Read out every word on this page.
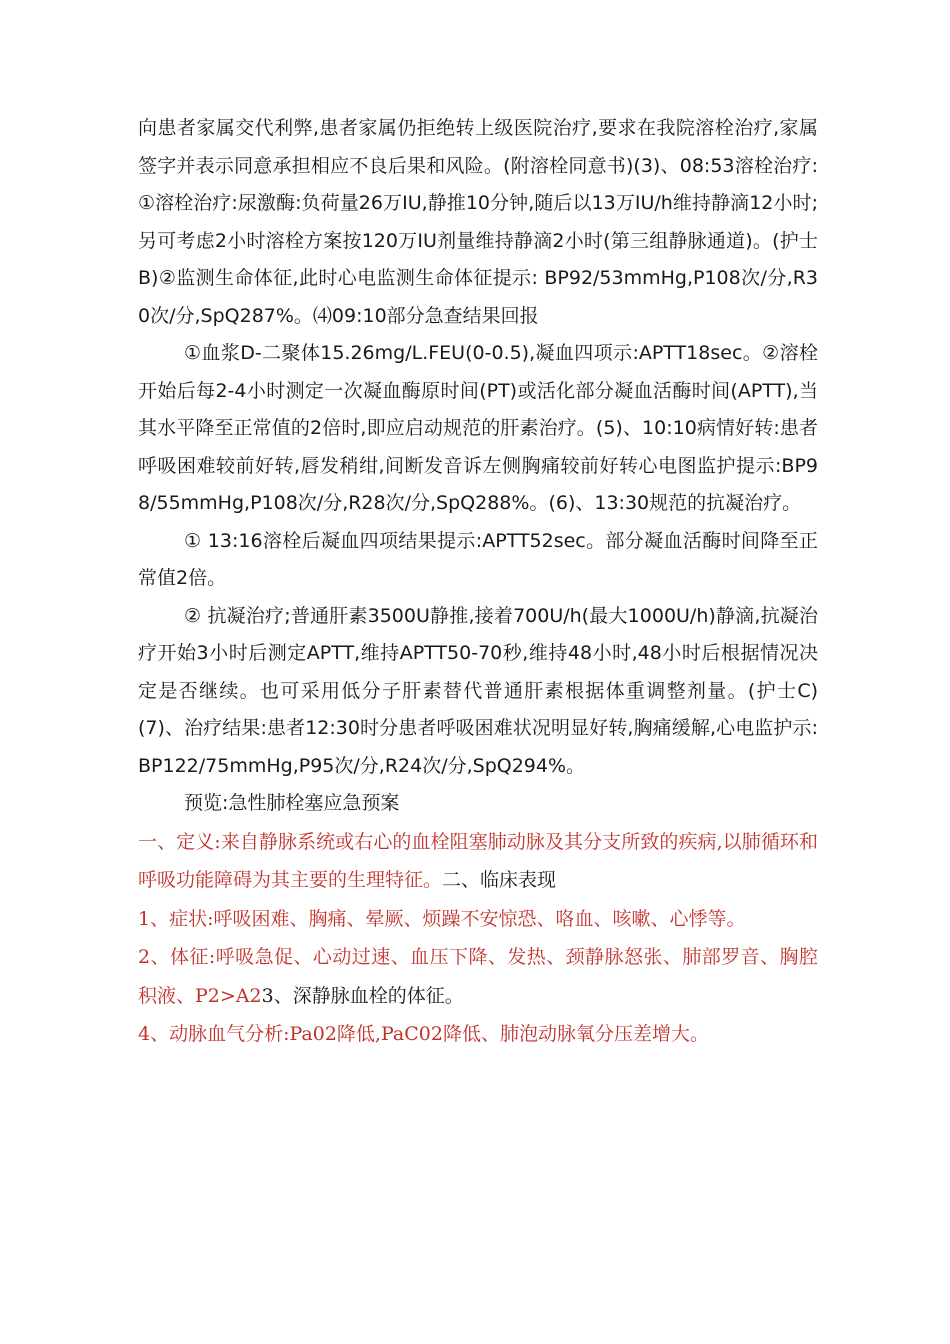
向患者家属交代利弊,患者家属仍拒绝转上级医院治疗,要求在我院溶栓治疗,家属签字并表示同意承担相应不良后果和风险。(附溶栓同意书)(3)、08:53溶栓治疗:①溶栓治疗:尿激酶:负荷量26万IU,静推10分钟,随后以13万IU/h维持静滴12小时;另可考虑2小时溶栓方案按120万IU剂量维持静滴2小时(第三组静脉通道)。(护士B)②监测生命体征,此时心电监测生命体征提示: BP92/53mmHg,P108次/分,R30次/分,SpQ287%。⑷09:10部分急查结果回报

①血浆D-二聚体15.26mg/L.FEU(0-0.5),凝血四项示:APTT18sec。②溶栓开始后每2-4小时测定一次凝血酶原时间(PT)或活化部分凝血活酶时间(APTT),当其水平降至正常值的2倍时,即应启动规范的肝素治疗。(5)、10:10病情好转:患者呼吸困难较前好转,唇发稍绀,间断发音诉左侧胸痛较前好转心电图监护提示:BP98/55mmHg,P108次/分,R28次/分,SpQ288%。(6)、13:30规范的抗凝治疗。

① 13:16溶栓后凝血四项结果提示:APTT52sec。部分凝血活酶时间降至正常值2倍。

② 抗凝治疗;普通肝素3500U静推,接着700U/h(最大1000U/h)静滴,抗凝治疗开始3小时后测定APTT,维持APTT50-70秒,维持48小时,48小时后根据情况决定是否继续。也可采用低分子肝素替代普通肝素根据体重调整剂量。(护士C)(7)、治疗结果:患者12:30时分患者呼吸困难状况明显好转,胸痛缓解,心电监护示:BP122/75mmHg,P95次/分,R24次/分,SpQ294%。

预览:急性肺栓塞应急预案

一、定义:来自静脉系统或右心的血栓阻塞肺动脉及其分支所致的疾病,以肺循环和呼吸功能障碍为其主要的生理特征。二、临床表现

1、症状:呼吸困难、胸痛、晕厥、烦躁不安惊恐、咯血、咳嗽、心悸等。

2、体征:呼吸急促、心动过速、血压下降、发热、颈静脉怒张、肺部罗音、胸腔积液、P2>A23、深静脉血栓的体征。

4、动脉血气分析:Pa02降低,PaC02降低、肺泡动脉氧分压差增大。
